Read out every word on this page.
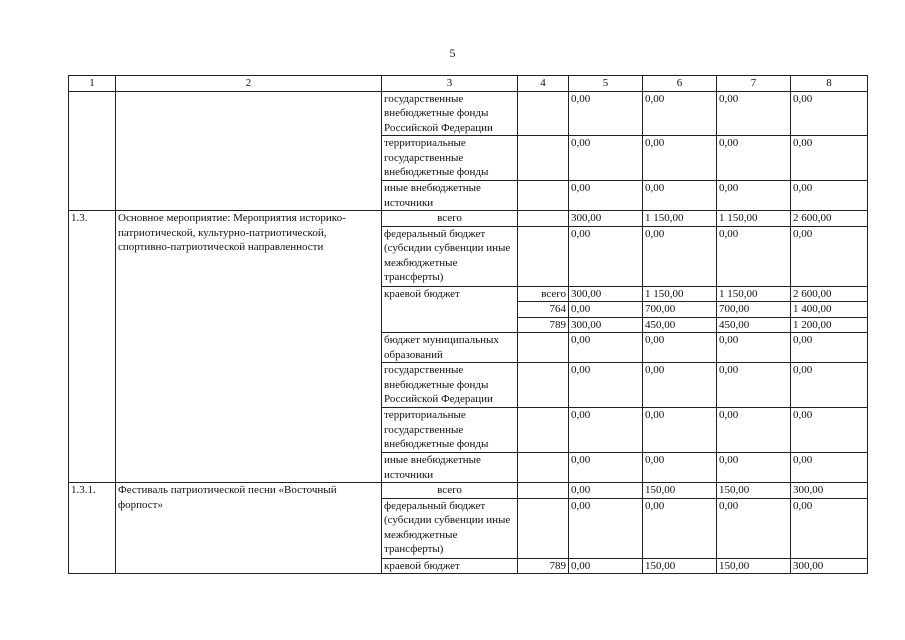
5
1	2	3	4	5	6	7	8
		государственные внебюджетные фонды Российской Федерации		0,00	0,00	0,00	0,00
		территориальные государственные внебюджетные фонды		0,00	0,00	0,00	0,00
		иные внебюджетные источники		0,00	0,00	0,00	0,00
1.3.	Основное мероприятие: Мероприятия историко-патриотической, культурно-патриотической, спортивно-патриотической направленности	всего		300,00	1 150,00	1 150,00	2 600,00
		федеральный бюджет (субсидии субвенции иные межбюджетные трансферты)		0,00	0,00	0,00	0,00
		краевой бюджет	всего	300,00	1 150,00	1 150,00	2 600,00
			764	0,00	700,00	700,00	1 400,00
			789	300,00	450,00	450,00	1 200,00
		бюджет муниципальных образований		0,00	0,00	0,00	0,00
		государственные внебюджетные фонды Российской Федерации		0,00	0,00	0,00	0,00
		территориальные государственные внебюджетные фонды		0,00	0,00	0,00	0,00
		иные внебюджетные источники		0,00	0,00	0,00	0,00
1.3.1.	Фестиваль патриотической песни «Восточный форпост»	всего		0,00	150,00	150,00	300,00
		федеральный бюджет (субсидии субвенции иные межбюджетные трансферты)		0,00	0,00	0,00	0,00
		краевой бюджет	789	0,00	150,00	150,00	300,00
